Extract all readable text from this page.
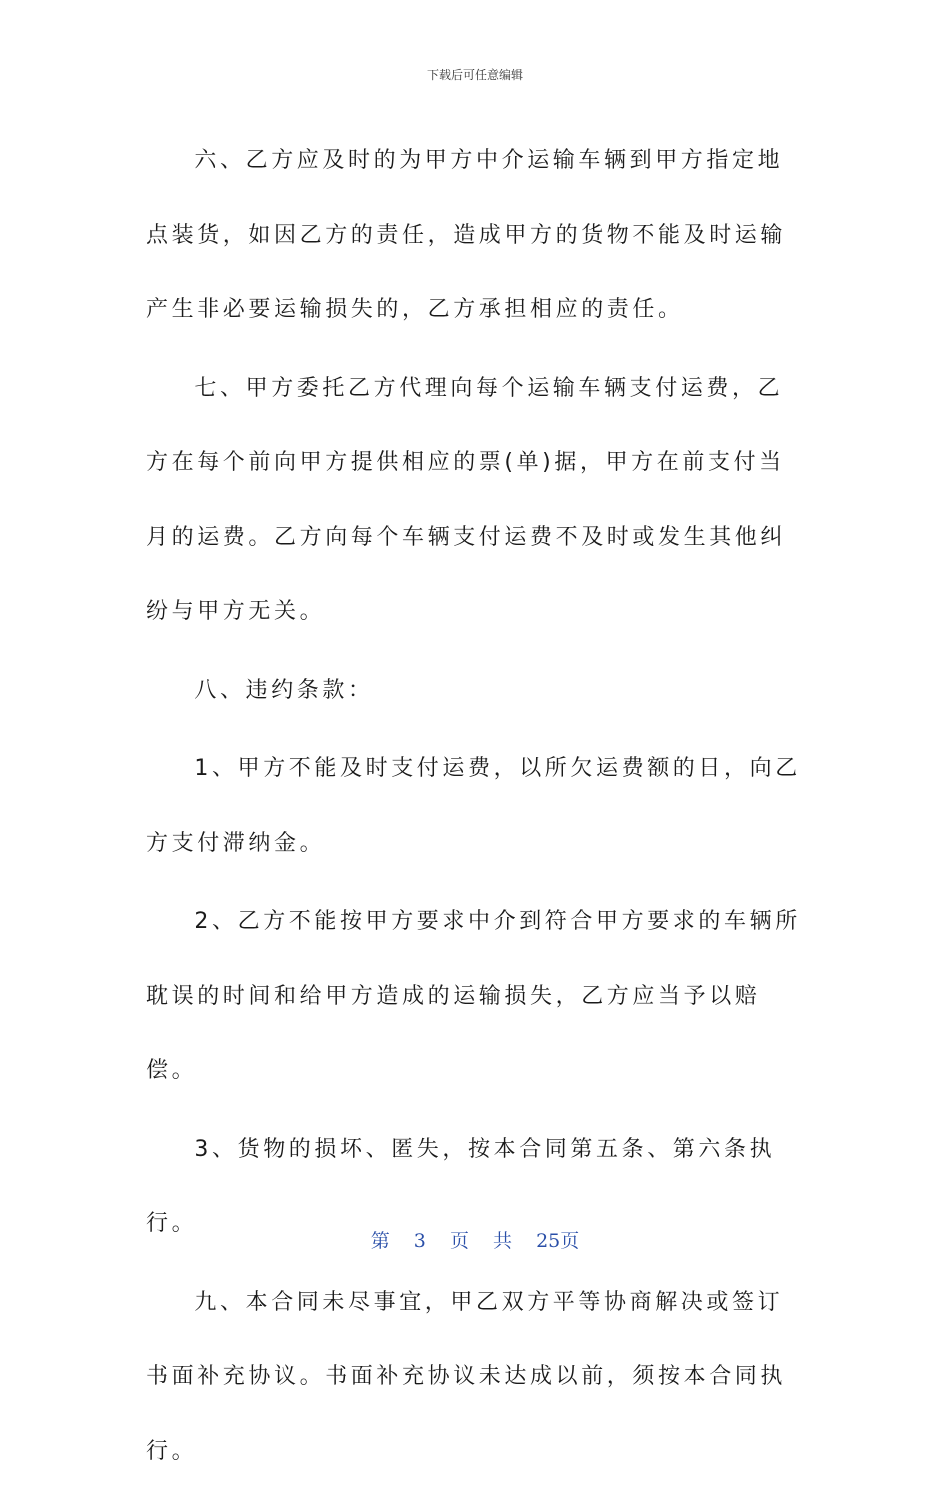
下载后可任意编辑

六、乙方应及时的为甲方中介运输车辆到甲方指定地点装货，如因乙方的责任，造成甲方的货物不能及时运输产生非必要运输损失的，乙方承担相应的责任。

七、甲方委托乙方代理向每个运输车辆支付运费，乙方在每个前向甲方提供相应的票(单)据，甲方在前支付当月的运费。乙方向每个车辆支付运费不及时或发生其他纠纷与甲方无关。

八、违约条款：

1、甲方不能及时支付运费，以所欠运费额的日，向乙方支付滞纳金。

2、乙方不能按甲方要求中介到符合甲方要求的车辆所耽误的时间和给甲方造成的运输损失，乙方应当予以赔偿。

3、货物的损坏、匿失，按本合同第五条、第六条执行。

九、本合同未尽事宜，甲乙双方平等协商解决或签订书面补充协议。书面补充协议未达成以前，须按本合同执行。

第 3 页 共 25页
